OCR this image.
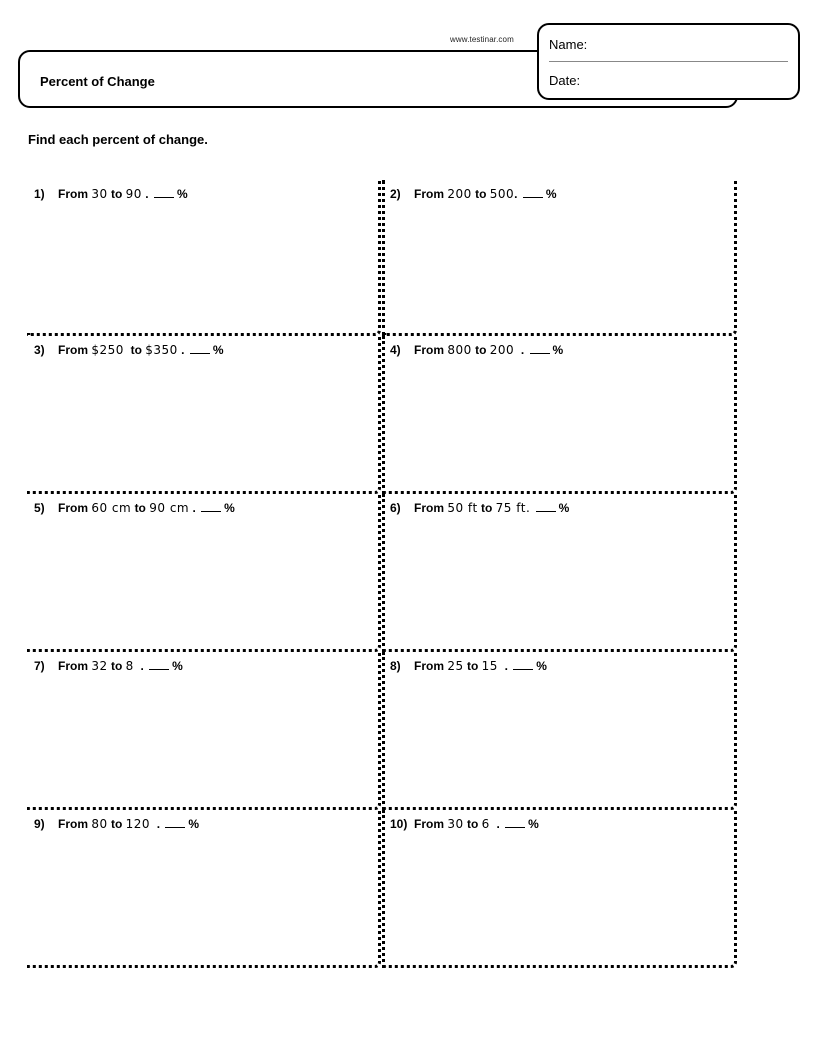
www.testinar.com
Percent of Change
Name:
Date:
Find each percent of change.
1) From 30 to 90 . %	2) From 200 to 500. %
3) From $250  to $350 . %	4) From 800 to 200  . %
5) From 60 cm to 90 cm . %	6) From 50 ft to 75 ft. %
7) From 32 to 8  . %	8) From 25 to 15  . %
9) From 80 to 120  . %	10) From 30 to 6  . %
